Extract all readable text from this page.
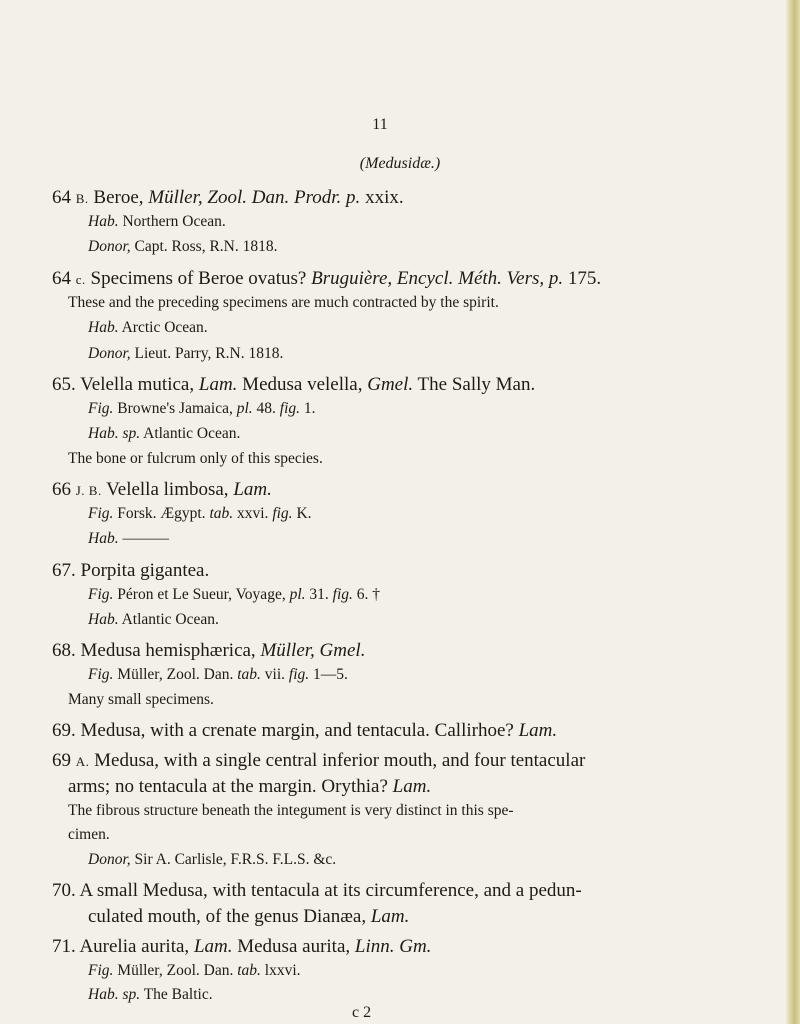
11
(Medusidæ.)
64 B. Beroe, Müller, Zool. Dan. Prodr. p. xxix.
Hab. Northern Ocean.
Donor, Capt. Ross, R.N. 1818.
64 c. Specimens of Beroe ovatus? Bruguière, Encycl. Méth. Vers, p. 175.
These and the preceding specimens are much contracted by the spirit.
Hab. Arctic Ocean.
Donor, Lieut. Parry, R.N. 1818.
65. Velella mutica, Lam. Medusa velella, Gmel. The Sally Man.
Fig. Browne's Jamaica, pl. 48. fig. 1.
Hab. sp. Atlantic Ocean.
The bone or fulcrum only of this species.
66 J. B. Velella limbosa, Lam.
Fig. Forsk. Ægypt. tab. xxvi. fig. K.
Hab. ———
67. Porpita gigantea.
Fig. Péron et Le Sueur, Voyage, pl. 31. fig. 6. †
Hab. Atlantic Ocean.
68. Medusa hemisphærica, Müller, Gmel.
Fig. Müller, Zool. Dan. tab. vii. fig. 1—5.
Many small specimens.
69. Medusa, with a crenate margin, and tentacula. Callirhoe? Lam.
69 A. Medusa, with a single central inferior mouth, and four tentacular
arms; no tentacula at the margin. Orythia? Lam.
The fibrous structure beneath the integument is very distinct in this spe-
cimen.
Donor, Sir A. Carlisle, F.R.S. F.L.S. &c.
70. A small Medusa, with tentacula at its circumference, and a pedun-
culated mouth, of the genus Dianæa, Lam.
71. Aurelia aurita, Lam. Medusa aurita, Linn. Gm.
Fig. Müller, Zool. Dan. tab. lxxvi.
Hab. sp. The Baltic.
c 2
